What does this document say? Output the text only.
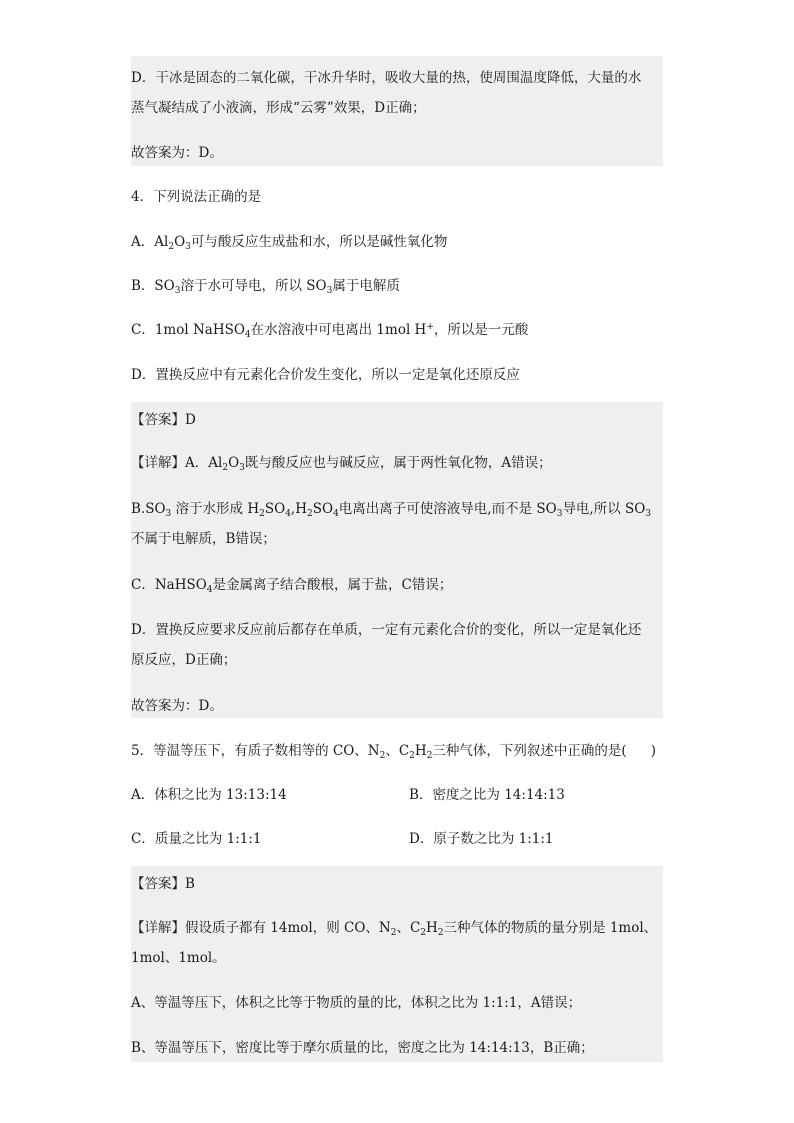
D．干冰是固态的二氧化碳，干冰升华时，吸收大量的热，使周围温度降低，大量的水
蒸气凝结成了小液滴，形成“云雾”效果，D正确；
故答案为：D。
4．下列说法正确的是
A．$Al_2O_3$可与酸反应生成盐和水，所以是碱性氧化物
B．$SO_3$溶于水可导电，所以 $SO_3$属于电解质
C．1mol NaHSO$_4$在水溶液中可电离出 1mol H+，所以是一元酸
D．置换反应中有元素化合价发生变化，所以一定是氧化还原反应
【答案】D
【详解】A．$Al_2O_3$既与酸反应也与碱反应，属于两性氧化物，A错误；
$B.SO_3$ 溶于水形成 $H_2SO_4,H_2SO_4$电离出离子可使溶液导电,而不是 $SO_3$导电,所以 $SO_3$
不属于电解质，B错误；
C．NaHSO$_4$是金属离子结合酸根，属于盐，C错误；
D．置换反应要求反应前后都存在单质，一定有元素化合价的变化，所以一定是氧化还
原反应，D正确；
故答案为：D。
5．等温等压下，有质子数相等的 CO、$N_2$、$C_2H_2$三种气体，下列叙述中正确的是( )
A．体积之比为 13:13:14	B．密度之比为 14:14:13
C．质量之比为 1:1:1	D．原子数之比为 1:1:1
【答案】B
【详解】假设质子都有 14mol，则 CO、$N_2$、$C_2H_2$三种气体的物质的量分别是 1mol、
1mol、1mol。
A、等温等压下，体积之比等于物质的量的比，体积之比为 1:1:1，A错误；
B、等温等压下，密度比等于摩尔质量的比，密度之比为 14:14:13，B正确；
